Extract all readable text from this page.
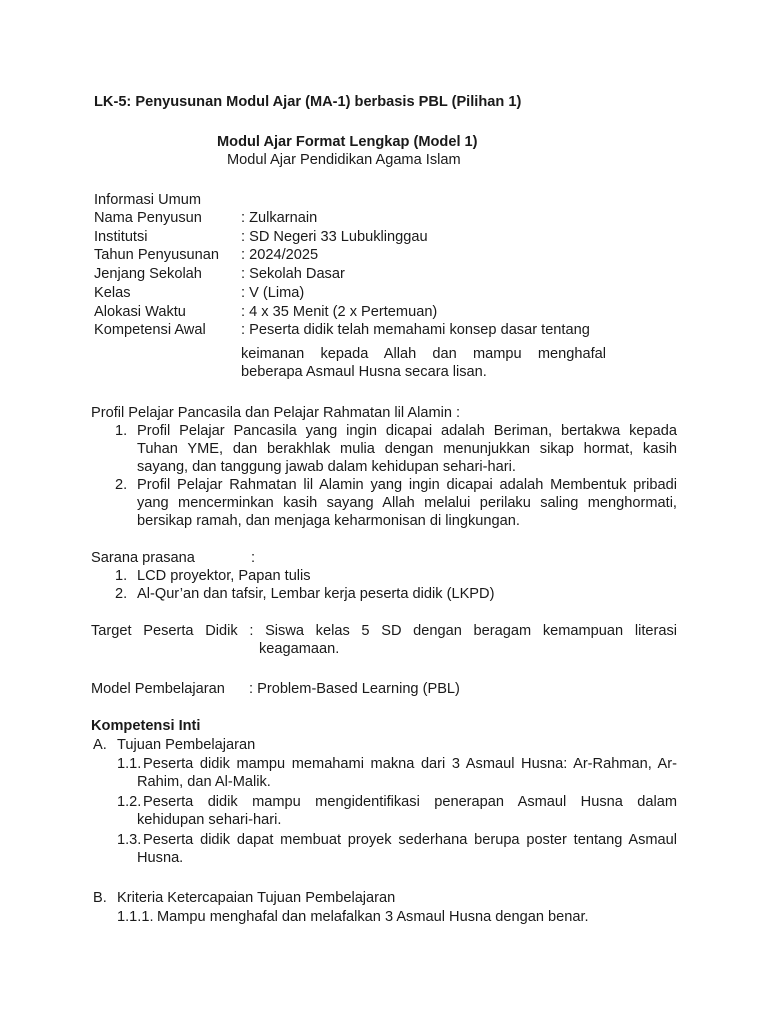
LK-5: Penyusunan Modul Ajar (MA-1) berbasis PBL (Pilihan 1)
Modul Ajar Format Lengkap (Model 1)
Modul Ajar Pendidikan Agama Islam
Informasi Umum
Nama Penyusun	: Zulkarnain
Institutsi	: SD Negeri 33 Lubuklinggau
Tahun Penyusunan : 2024/2025
Jenjang Sekolah	: Sekolah Dasar
Kelas	: V (Lima)
Alokasi Waktu	: 4 x 35 Menit (2 x Pertemuan)
Kompetensi Awal : Peserta didik telah memahami konsep dasar tentang
keimanan kepada Allah dan mampu menghafal
beberapa Asmaul Husna secara lisan.
Profil Pelajar Pancasila dan Pelajar Rahmatan lil Alamin :
1. Profil Pelajar Pancasila yang ingin dicapai adalah Beriman, bertakwa kepada
Tuhan YME, dan berakhlak mulia dengan menunjukkan sikap hormat, kasih
sayang, dan tanggung jawab dalam kehidupan sehari-hari.
2. Profil Pelajar Rahmatan lil Alamin yang ingin dicapai adalah Membentuk pribadi
yang mencerminkan kasih sayang Allah melalui perilaku saling menghormati,
bersikap ramah, dan menjaga keharmonisan di lingkungan.
Sarana prasana	:
1. LCD proyektor, Papan tulis
2. Al-Qur’an dan tafsir, Lembar kerja peserta didik (LKPD)
Target Peserta Didik : Siswa kelas 5 SD dengan beragam kemampuan literasi
keagamaan.
Model Pembelajaran : Problem-Based Learning (PBL)
Kompetensi Inti
A. Tujuan Pembelajaran
1.1. Peserta didik mampu memahami makna dari 3 Asmaul Husna: Ar-Rahman, Ar-
Rahim, dan Al-Malik.
1.2. Peserta didik mampu mengidentifikasi penerapan Asmaul Husna dalam
kehidupan sehari-hari.
1.3. Peserta didik dapat membuat proyek sederhana berupa poster tentang Asmaul
Husna.
B. Kriteria Ketercapaian Tujuan Pembelajaran
1.1.1. Mampu menghafal dan melafalkan 3 Asmaul Husna dengan benar.
